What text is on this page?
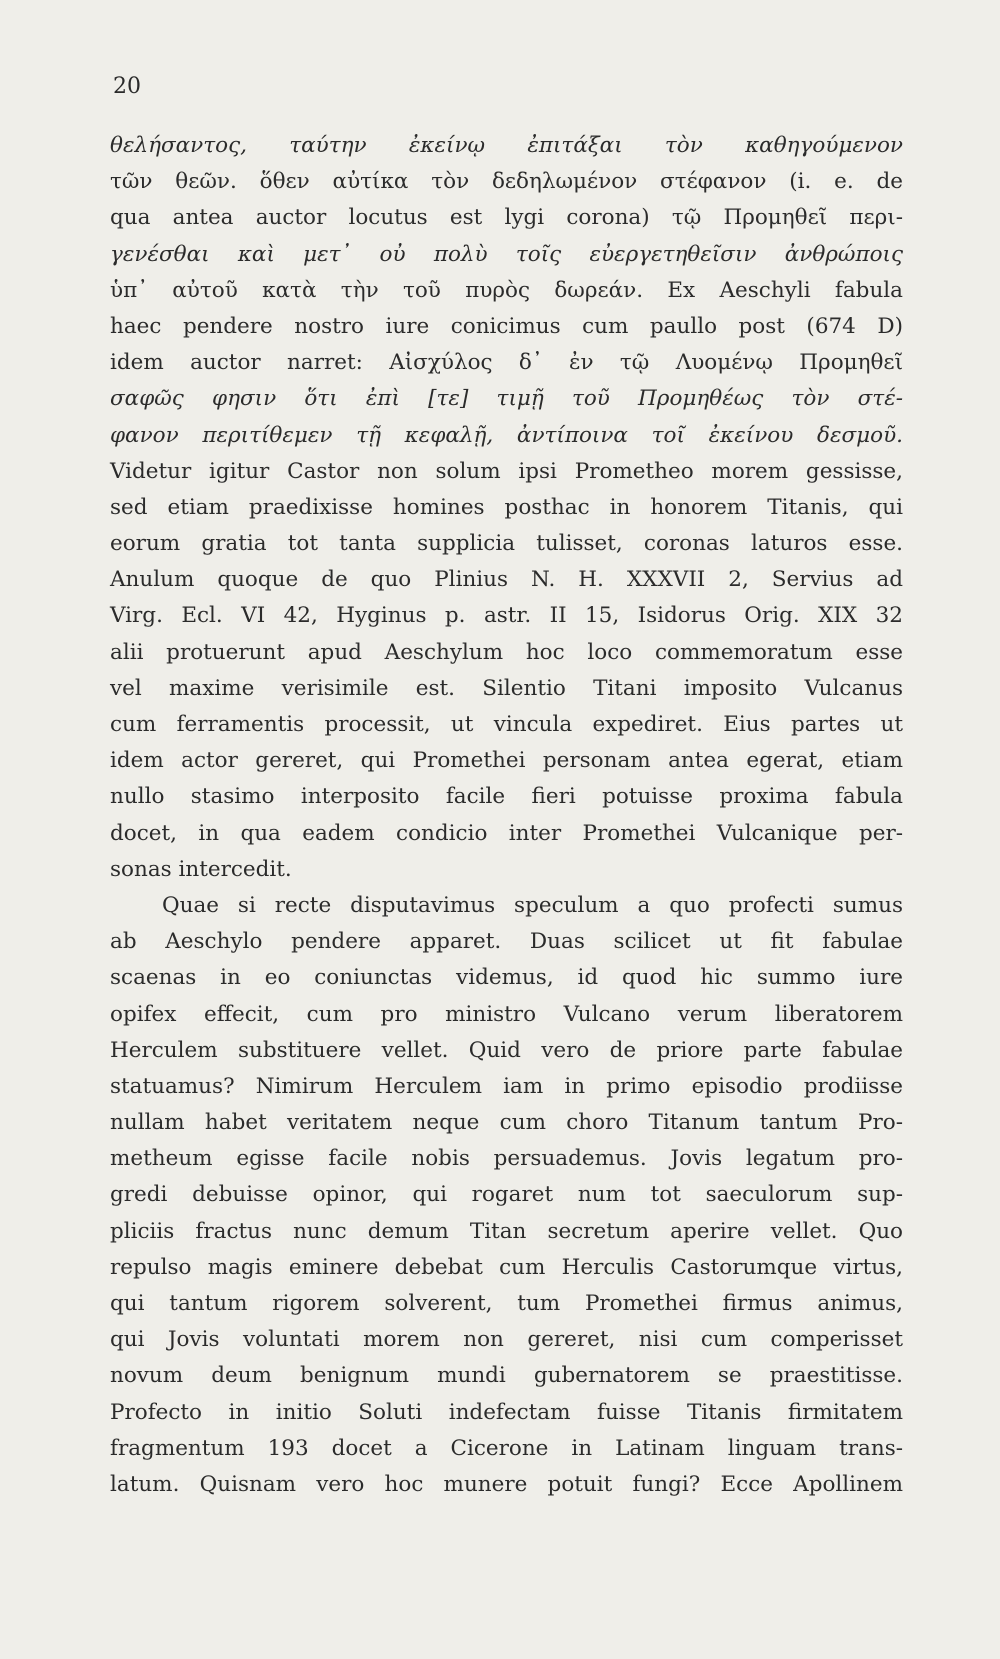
20
θελήσαντος, ταύτην ἐκείνῳ ἐπιτάξαι τὸν καθηγούμενον
τῶν θεῶν. ὅθεν αὐτίκα τὸν δεδηλωμένον στέφανον (i. e. de
qua antea auctor locutus est lygi corona) τῷ Προμηθεῖ περι-
γενέσθαι καὶ μετ᾽ οὐ πολὺ τοῖς εὐεργετηθεῖσιν ἀνθρώποις
ὑπ᾽ αὐτοῦ κατὰ τὴν τοῦ πυρὸς δωρεάν. Ex Aeschyli fabula
haec pendere nostro iure conicimus cum paullo post (674 D)
idem auctor narret: Αἰσχύλος δ᾽ ἐν τῷ Λυομένῳ Προμηθεῖ
σαφῶς φησιν ὅτι ἐπὶ [τε] τιμῇ τοῦ Προμηθέως τὸν στέ-
φανον περιτίθεμεν τῇ κεφαλῇ, ἀντίποινα τοῖ ἐκείνου δεσμοῦ.
Videtur igitur Castor non solum ipsi Prometheo morem gessisse,
sed etiam praedixisse homines posthac in honorem Titanis, qui
eorum gratia tot tanta supplicia tulisset, coronas laturos esse.
Anulum quoque de quo Plinius N. H. XXXVII 2, Servius ad
Virg. Ecl. VI 42, Hyginus p. astr. II 15, Isidorus Orig. XIX 32
alii protuerunt apud Aeschylum hoc loco commemoratum esse
vel maxime verisimile est. Silentio Titani imposito Vulcanus
cum ferramentis processit, ut vincula expediret. Eius partes ut
idem actor gereret, qui Promethei personam antea egerat, etiam
nullo stasimo interposito facile fieri potuisse proxima fabula
docet, in qua eadem condicio inter Promethei Vulcanique per-
sonas intercedit.
Quae si recte disputavimus speculum a quo profecti sumus
ab Aeschylo pendere apparet. Duas scilicet ut fit fabulae
scaenas in eo coniunctas videmus, id quod hic summo iure
opifex effecit, cum pro ministro Vulcano verum liberatorem
Herculem substituere vellet. Quid vero de priore parte fabulae
statuamus? Nimirum Herculem iam in primo episodio prodiisse
nullam habet veritatem neque cum choro Titanum tantum Pro-
metheum egisse facile nobis persuademus. Jovis legatum pro-
gredi debuisse opinor, qui rogaret num tot saeculorum sup-
pliciis fractus nunc demum Titan secretum aperire vellet. Quo
repulso magis eminere debebat cum Herculis Castorumque virtus,
qui tantum rigorem solverent, tum Promethei firmus animus,
qui Jovis voluntati morem non gereret, nisi cum comperisset
novum deum benignum mundi gubernatorem se praestitisse.
Profecto in initio Soluti indefectam fuisse Titanis firmitatem
fragmentum 193 docet a Cicerone in Latinam linguam trans-
latum. Quisnam vero hoc munere potuit fungi? Ecce Apollinem
